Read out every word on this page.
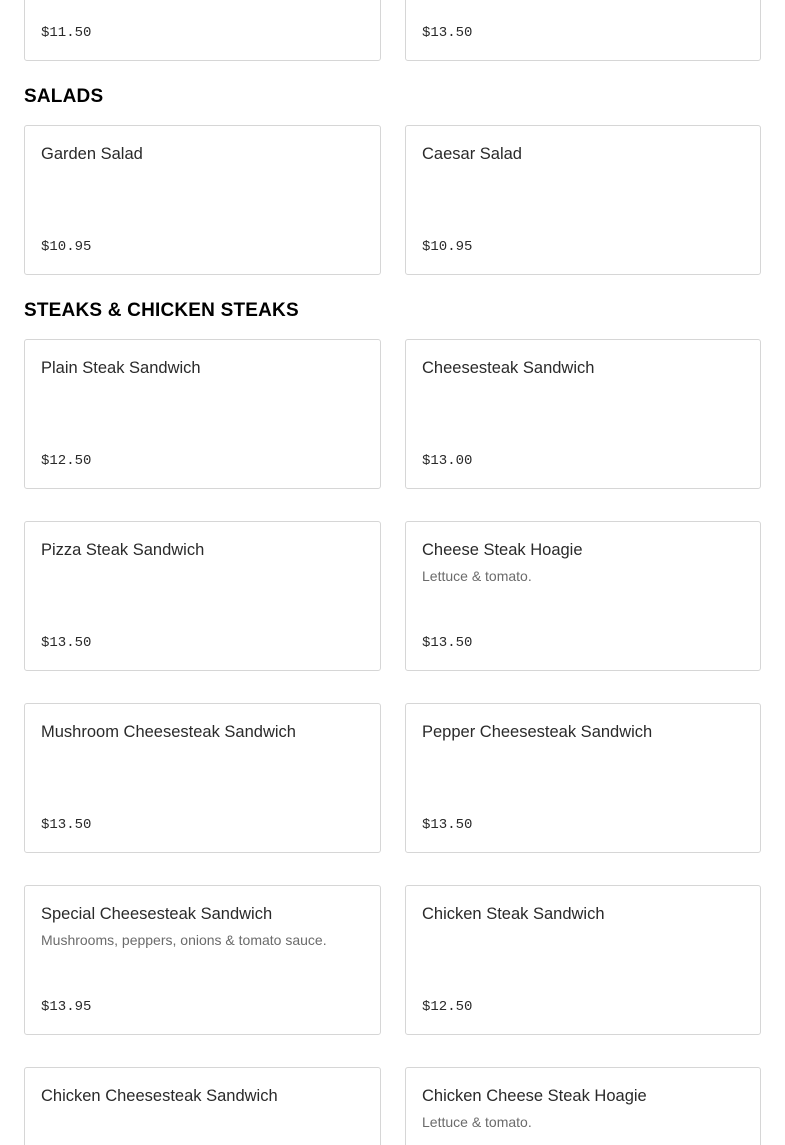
$11.50	$13.50
SALADS
Garden Salad
$10.95
Caesar Salad
$10.95
STEAKS & CHICKEN STEAKS
Plain Steak Sandwich
$12.50
Cheesesteak Sandwich
$13.00
Pizza Steak Sandwich
$13.50
Cheese Steak Hoagie
Lettuce & tomato.
$13.50
Mushroom Cheesesteak Sandwich
$13.50
Pepper Cheesesteak Sandwich
$13.50
Special Cheesesteak Sandwich
Mushrooms, peppers, onions & tomato sauce.
$13.95
Chicken Steak Sandwich
$12.50
Chicken Cheesesteak Sandwich	Chicken Cheese Steak Hoagie
Lettuce & tomato.
